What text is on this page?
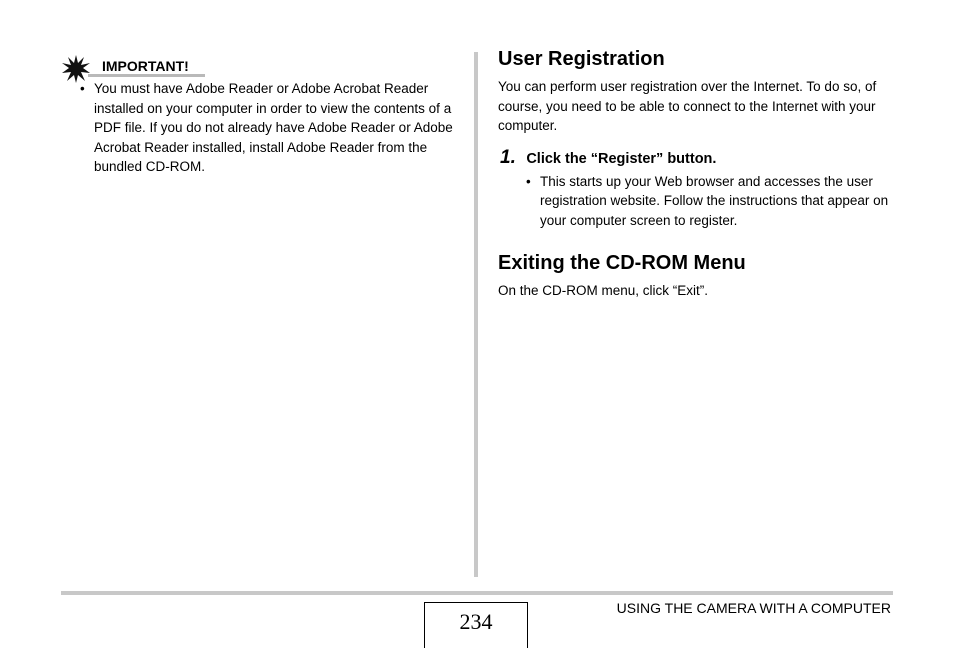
IMPORTANT!
• You must have Adobe Reader or Adobe Acrobat Reader installed on your computer in order to view the contents of a PDF file. If you do not already have Adobe Reader or Adobe Acrobat Reader installed, install Adobe Reader from the bundled CD-ROM.
User Registration
You can perform user registration over the Internet. To do so, of course, you need to be able to connect to the Internet with your computer.
1. Click the “Register” button.
• This starts up your Web browser and accesses the user registration website. Follow the instructions that appear on your computer screen to register.
Exiting the CD-ROM Menu
On the CD-ROM menu, click “Exit”.
234
USING THE CAMERA WITH A COMPUTER
